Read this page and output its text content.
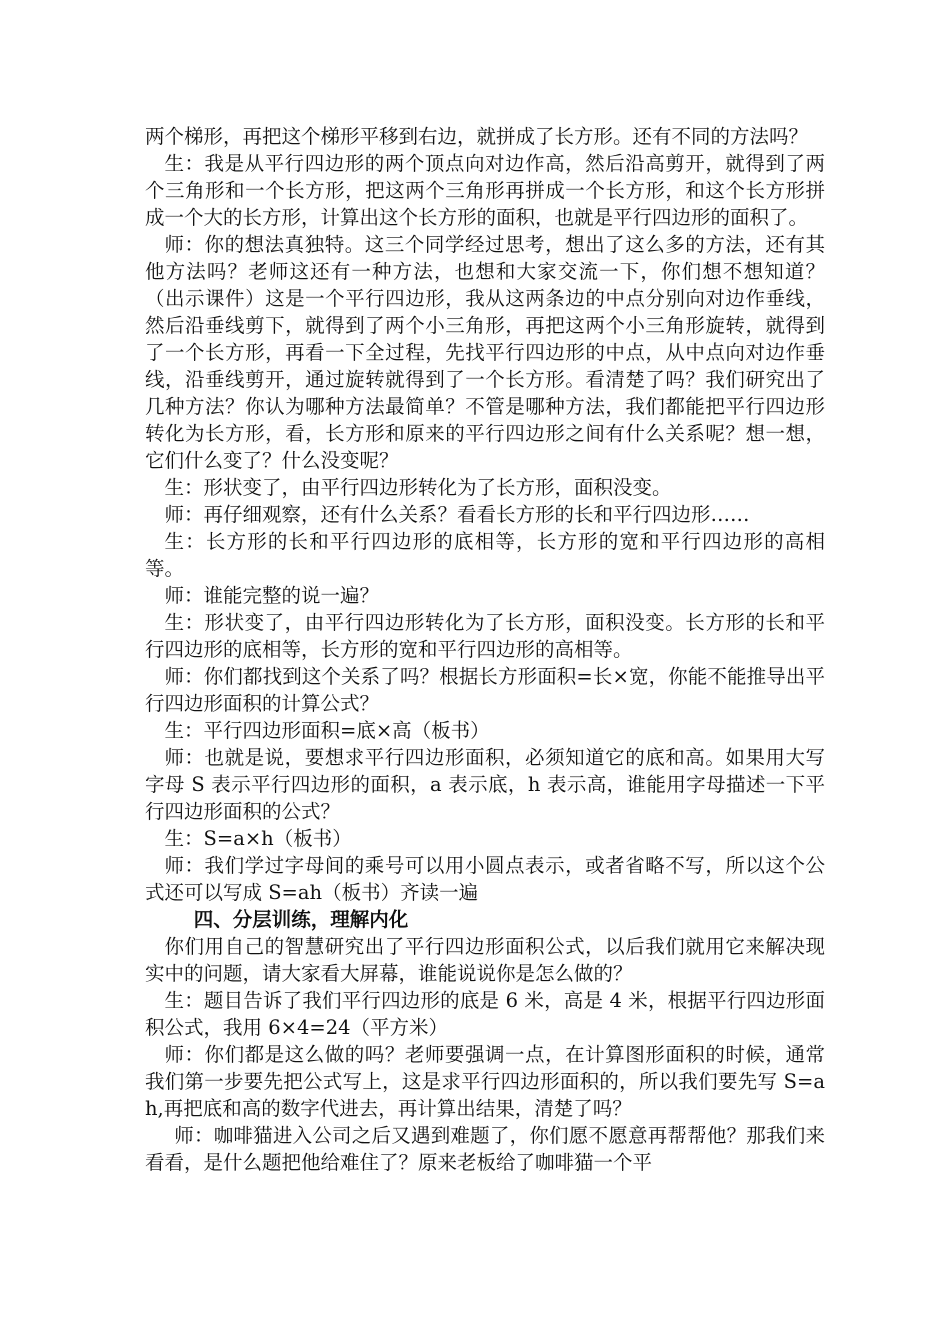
两个梯形，再把这个梯形平移到右边，就拼成了长方形。还有不同的方法吗？

生：我是从平行四边形的两个顶点向对边作高，然后沿高剪开，就得到了两个三角形和一个长方形，把这两个三角形再拼成一个长方形，和这个长方形拼成一个大的长方形，计算出这个长方形的面积，也就是平行四边形的面积了。

师：你的想法真独特。这三个同学经过思考，想出了这么多的方法，还有其他方法吗？老师这还有一种方法，也想和大家交流一下，你们想不想知道？（出示课件）这是一个平行四边形，我从这两条边的中点分别向对边作垂线，然后沿垂线剪下，就得到了两个小三角形，再把这两个小三角形旋转，就得到了一个长方形，再看一下全过程，先找平行四边形的中点，从中点向对边作垂线，沿垂线剪开，通过旋转就得到了一个长方形。看清楚了吗？我们研究出了几种方法？你认为哪种方法最简单？不管是哪种方法，我们都能把平行四边形转化为长方形，看，长方形和原来的平行四边形之间有什么关系呢？想一想，它们什么变了？什么没变呢？

生：形状变了，由平行四边形转化为了长方形，面积没变。

师：再仔细观察，还有什么关系？看看长方形的长和平行四边形……

生：长方形的长和平行四边形的底相等，长方形的宽和平行四边形的高相等。

师：谁能完整的说一遍？

生：形状变了，由平行四边形转化为了长方形，面积没变。长方形的长和平行四边形的底相等，长方形的宽和平行四边形的高相等。

师：你们都找到这个关系了吗？根据长方形面积=长×宽，你能不能推导出平行四边形面积的计算公式？

生：平行四边形面积=底×高（板书）

师：也就是说，要想求平行四边形面积，必须知道它的底和高。如果用大写字母 S 表示平行四边形的面积，a 表示底，h 表示高，谁能用字母描述一下平行四边形面积的公式？

生：S=a×h（板书）

师：我们学过字母间的乘号可以用小圆点表示，或者省略不写，所以这个公式还可以写成 S=ah（板书）齐读一遍

四、分层训练，理解内化

你们用自己的智慧研究出了平行四边形面积公式，以后我们就用它来解决现实中的问题，请大家看大屏幕，谁能说说你是怎么做的？

生：题目告诉了我们平行四边形的底是 6 米，高是 4 米，根据平行四边形面积公式，我用 6×4=24（平方米）

师：你们都是这么做的吗？老师要强调一点，在计算图形面积的时候，通常我们第一步要先把公式写上，这是求平行四边形面积的，所以我们要先写 S=ah,再把底和高的数字代进去，再计算出结果，清楚了吗？

师：咖啡猫进入公司之后又遇到难题了，你们愿不愿意再帮帮他？那我们来看看，是什么题把他给难住了？原来老板给了咖啡猫一个平
